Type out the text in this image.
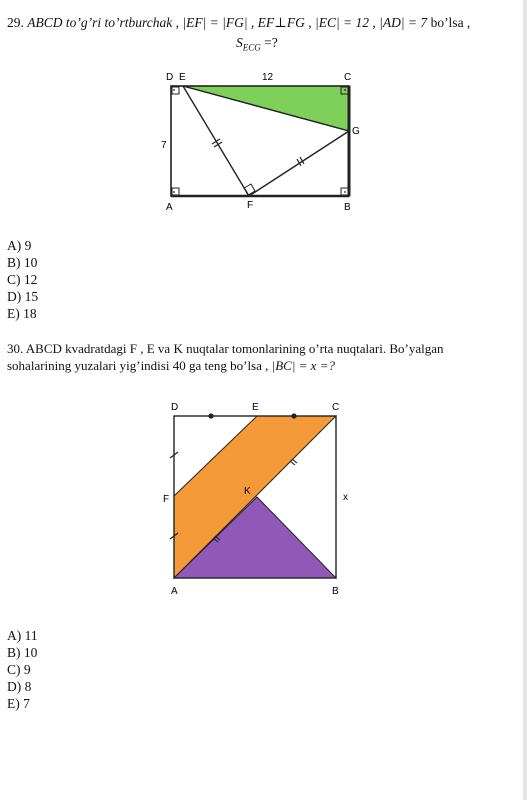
29. ABCD to’g’ri to’rtburchak , |EF| = |FG| , EF⊥FG , |EC| = 12 , |AD| = 7 bo’lsa ,
$S_{ECG}$ =?
D E	12	C
G
7
A	F	B
D	E	C
K
F	x
A	B
A) 9
B) 10
C) 12
D) 15
E) 18
30. ABCD kvadratdagi F , E va K nuqtalar tomonlarining o’rta nuqtalari. Bo’yalgan
sohalarining yuzalari yig’indisi 40 ga teng bo’lsa , |BC| = x =?
A) 11
B) 10
C) 9
D) 8
E) 7
